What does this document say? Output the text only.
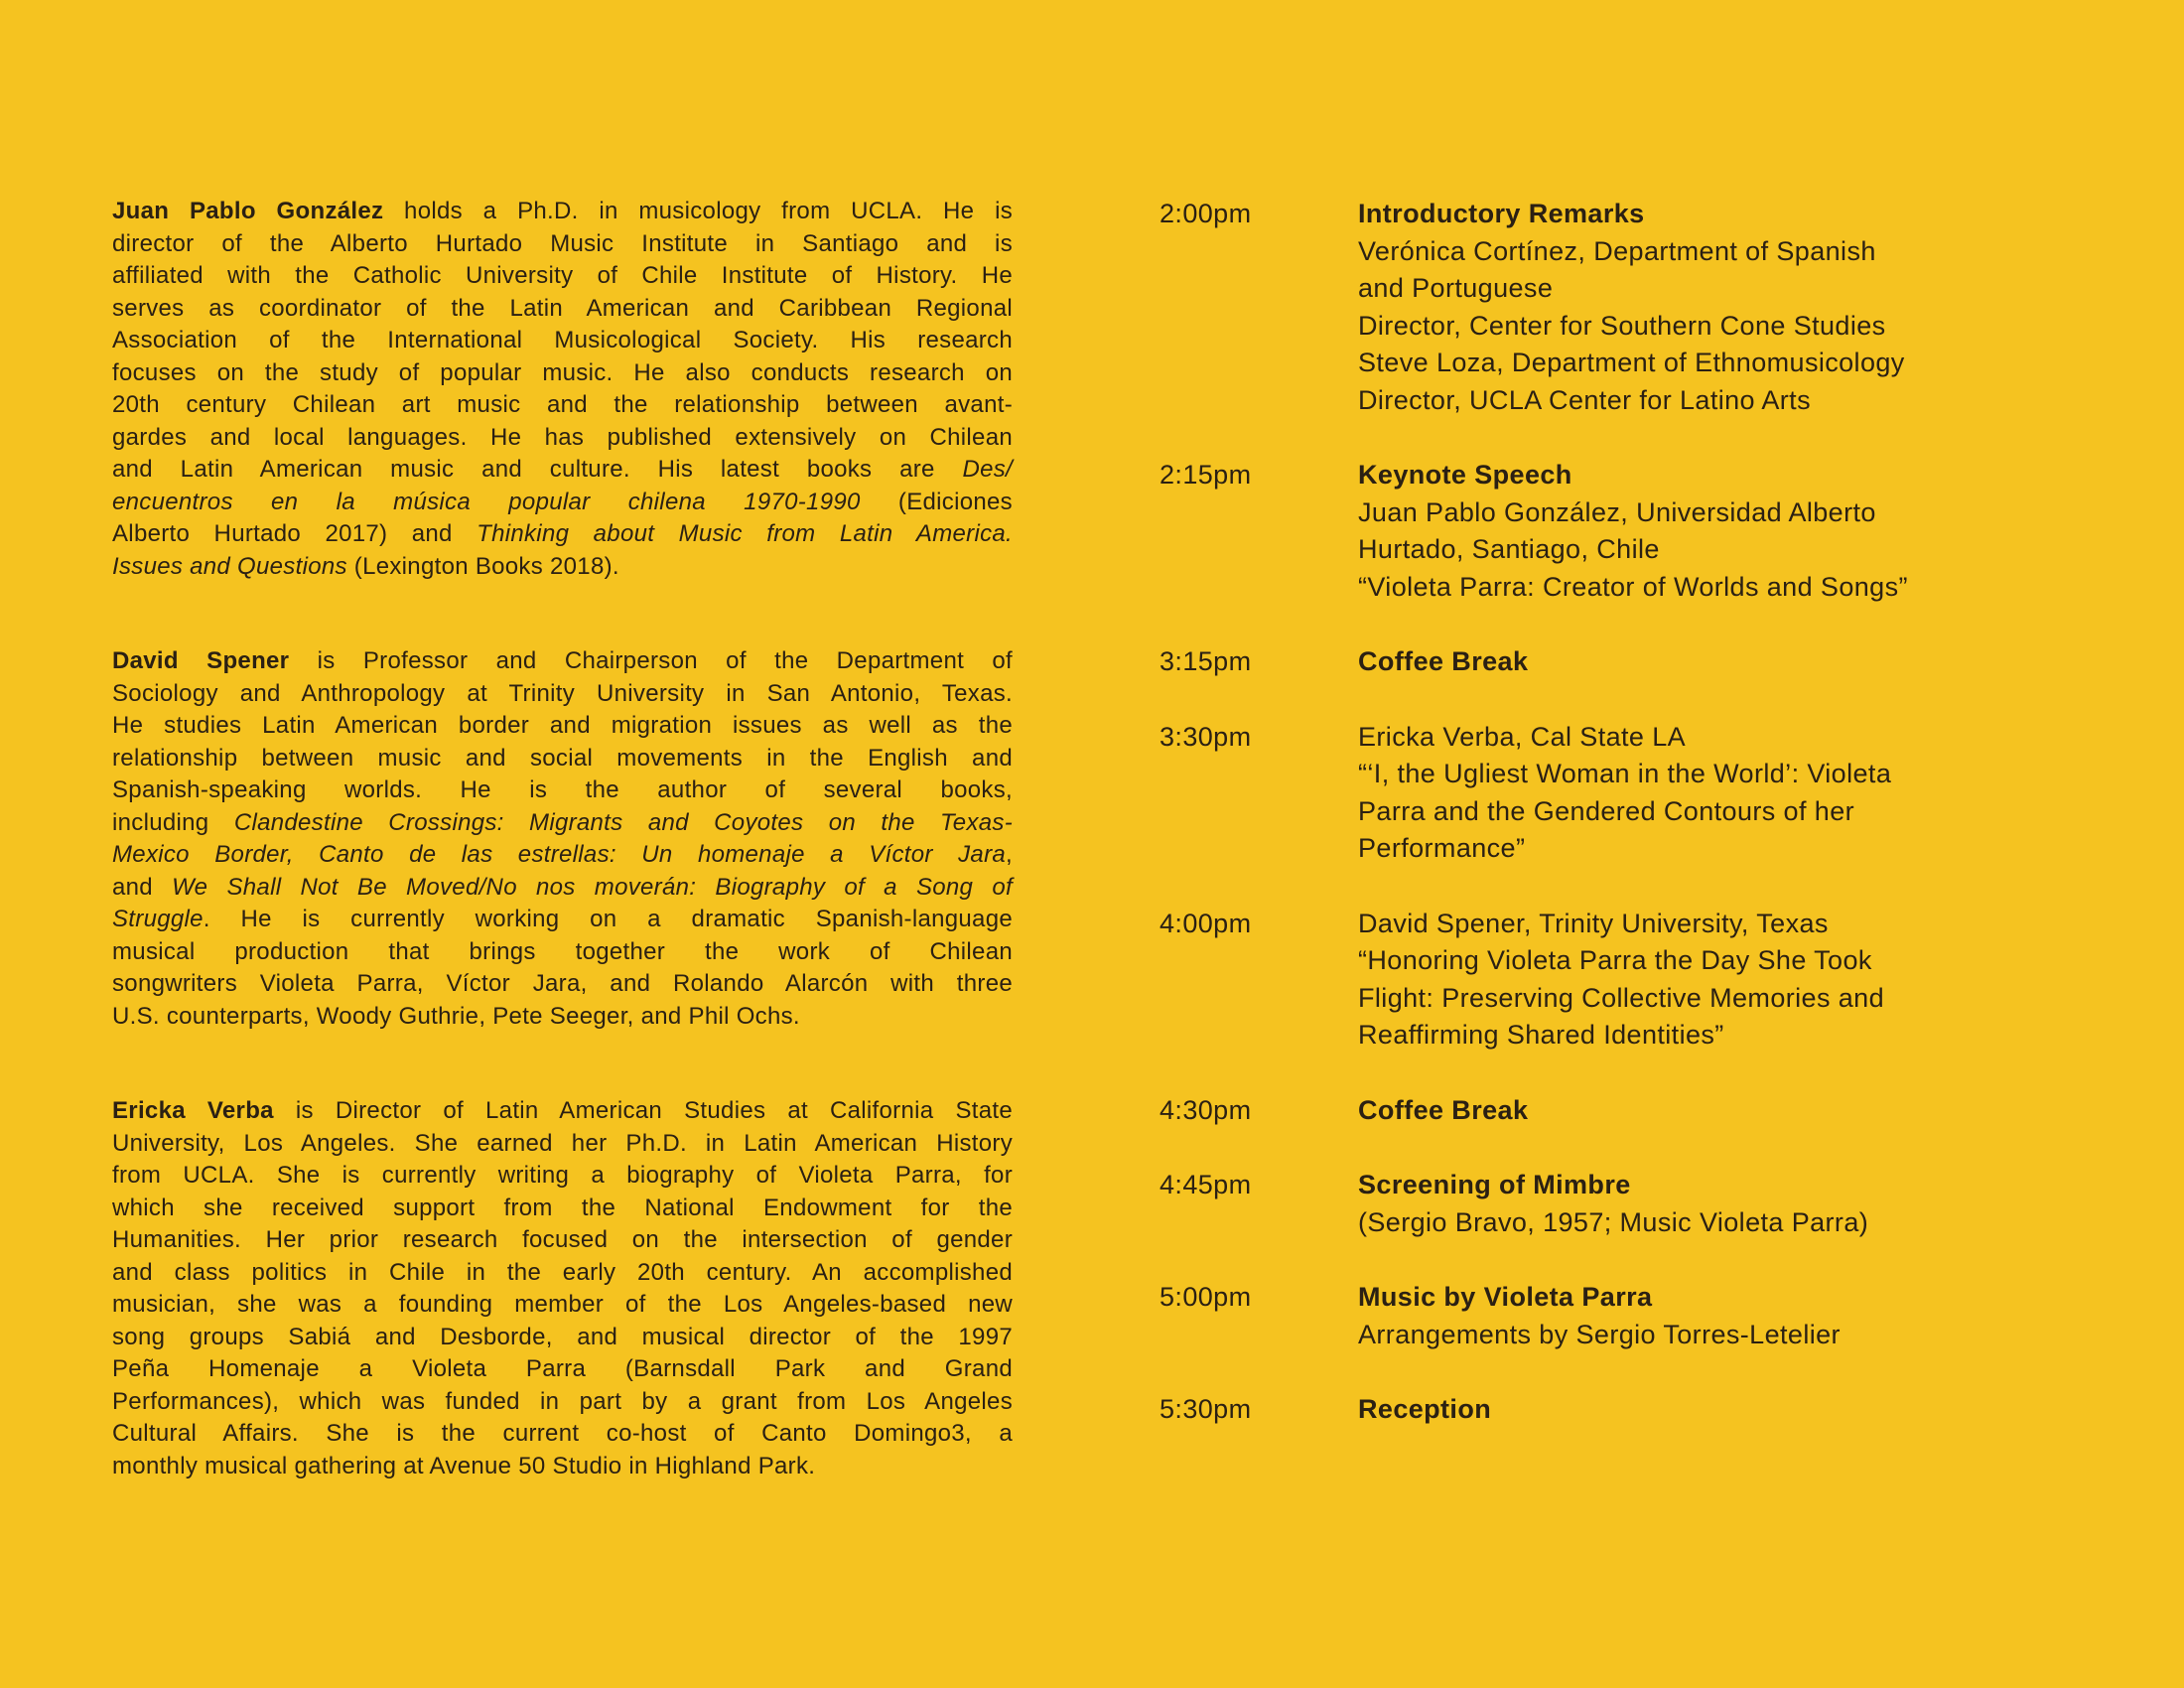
Juan Pablo González holds a Ph.D. in musicology from UCLA. He is
director of the Alberto Hurtado Music Institute in Santiago and is
affiliated with the Catholic University of Chile Institute of History. He
serves as coordinator of the Latin American and Caribbean Regional
Association of the International Musicological Society. His research
focuses on the study of popular music. He also conducts research on
20th century Chilean art music and the relationship between avant-
gardes and local languages. He has published extensively on Chilean
and Latin American music and culture. His latest books are Des/
encuentros en la música popular chilena 1970-1990 (Ediciones
Alberto Hurtado 2017) and Thinking about Music from Latin America.
Issues and Questions (Lexington Books 2018).
David Spener is Professor and Chairperson of the Department of
Sociology and Anthropology at Trinity University in San Antonio, Texas.
He studies Latin American border and migration issues as well as the
relationship between music and social movements in the English and
Spanish-speaking worlds. He is the author of several books,
including Clandestine Crossings: Migrants and Coyotes on the Texas-
Mexico Border, Canto de las estrellas: Un homenaje a Víctor Jara,
and We Shall Not Be Moved/No nos moverán: Biography of a Song of
Struggle. He is currently working on a dramatic Spanish-language
musical production that brings together the work of Chilean
songwriters Violeta Parra, Víctor Jara, and Rolando Alarcón with three
U.S. counterparts, Woody Guthrie, Pete Seeger, and Phil Ochs.
Ericka Verba is Director of Latin American Studies at California State
University, Los Angeles. She earned her Ph.D. in Latin American History
from UCLA. She is currently writing a biography of Violeta Parra, for
which she received support from the National Endowment for the
Humanities. Her prior research focused on the intersection of gender
and class politics in Chile in the early 20th century. An accomplished
musician, she was a founding member of the Los Angeles-based new
song groups Sabiá and Desborde, and musical director of the 1997
Peña Homenaje a Violeta Parra (Barnsdall Park and Grand
Performances), which was funded in part by a grant from Los Angeles
Cultural Affairs. She is the current co-host of Canto Domingo3, a
monthly musical gathering at Avenue 50 Studio in Highland Park.
2:00pm	Introductory Remarks
Verónica Cortínez, Department of Spanish
and Portuguese
Director, Center for Southern Cone Studies
Steve Loza, Department of Ethnomusicology
Director, UCLA Center for Latino Arts
2:15pm	Keynote Speech
Juan Pablo González, Universidad Alberto
Hurtado, Santiago, Chile
“Violeta Parra: Creator of Worlds and Songs”
3:15pm	Coffee Break
3:30pm	Ericka Verba, Cal State LA
“‘I, the Ugliest Woman in the World’: Violeta
Parra and the Gendered Contours of her
Performance”
4:00pm	David Spener, Trinity University, Texas
“Honoring Violeta Parra the Day She Took
Flight: Preserving Collective Memories and
Reaffirming Shared Identities”
4:30pm	Coffee Break
4:45pm	Screening of Mimbre
(Sergio Bravo, 1957; Music Violeta Parra)
5:00pm	Music by Violeta Parra
Arrangements by Sergio Torres-Letelier
5:30pm	Reception
